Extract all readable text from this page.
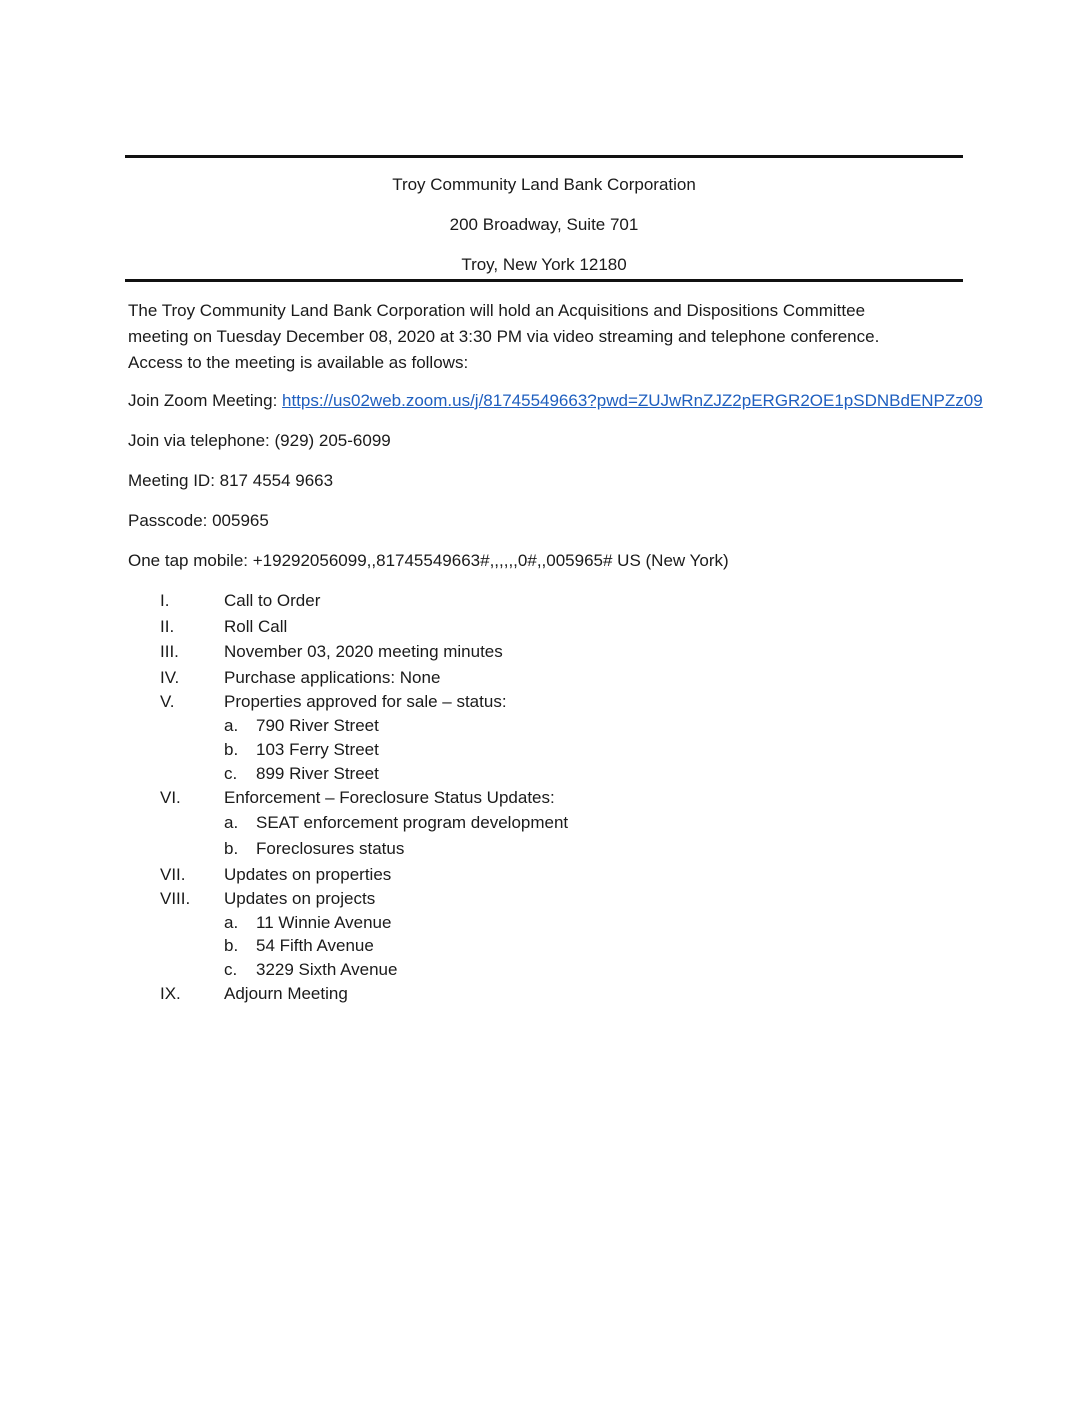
Troy Community Land Bank Corporation
200 Broadway, Suite 701
Troy, New York 12180
The Troy Community Land Bank Corporation will hold an Acquisitions and Dispositions Committee meeting on Tuesday December 08, 2020 at 3:30 PM via video streaming and telephone conference. Access to the meeting is available as follows:
Join Zoom Meeting: https://us02web.zoom.us/j/81745549663?pwd=ZUJwRnZJZ2pERGR2OE1pSDNBdENPZz09
Join via telephone: (929) 205-6099
Meeting ID: 817 4554 9663
Passcode: 005965
One tap mobile: +19292056099,,81745549663#,,,,,,0#,,005965# US (New York)
I.	Call to Order
II.	Roll Call
III.	November 03, 2020 meeting minutes
IV.	Purchase applications: None
V.	Properties approved for sale – status:
a. 790 River Street
b. 103 Ferry Street
c. 899 River Street
VI.	Enforcement – Foreclosure Status Updates:
a. SEAT enforcement program development
b. Foreclosures status
VII. Updates on properties
VIII. Updates on projects
a. 11 Winnie Avenue
b. 54 Fifth Avenue
c. 3229 Sixth Avenue
IX.	Adjourn Meeting
